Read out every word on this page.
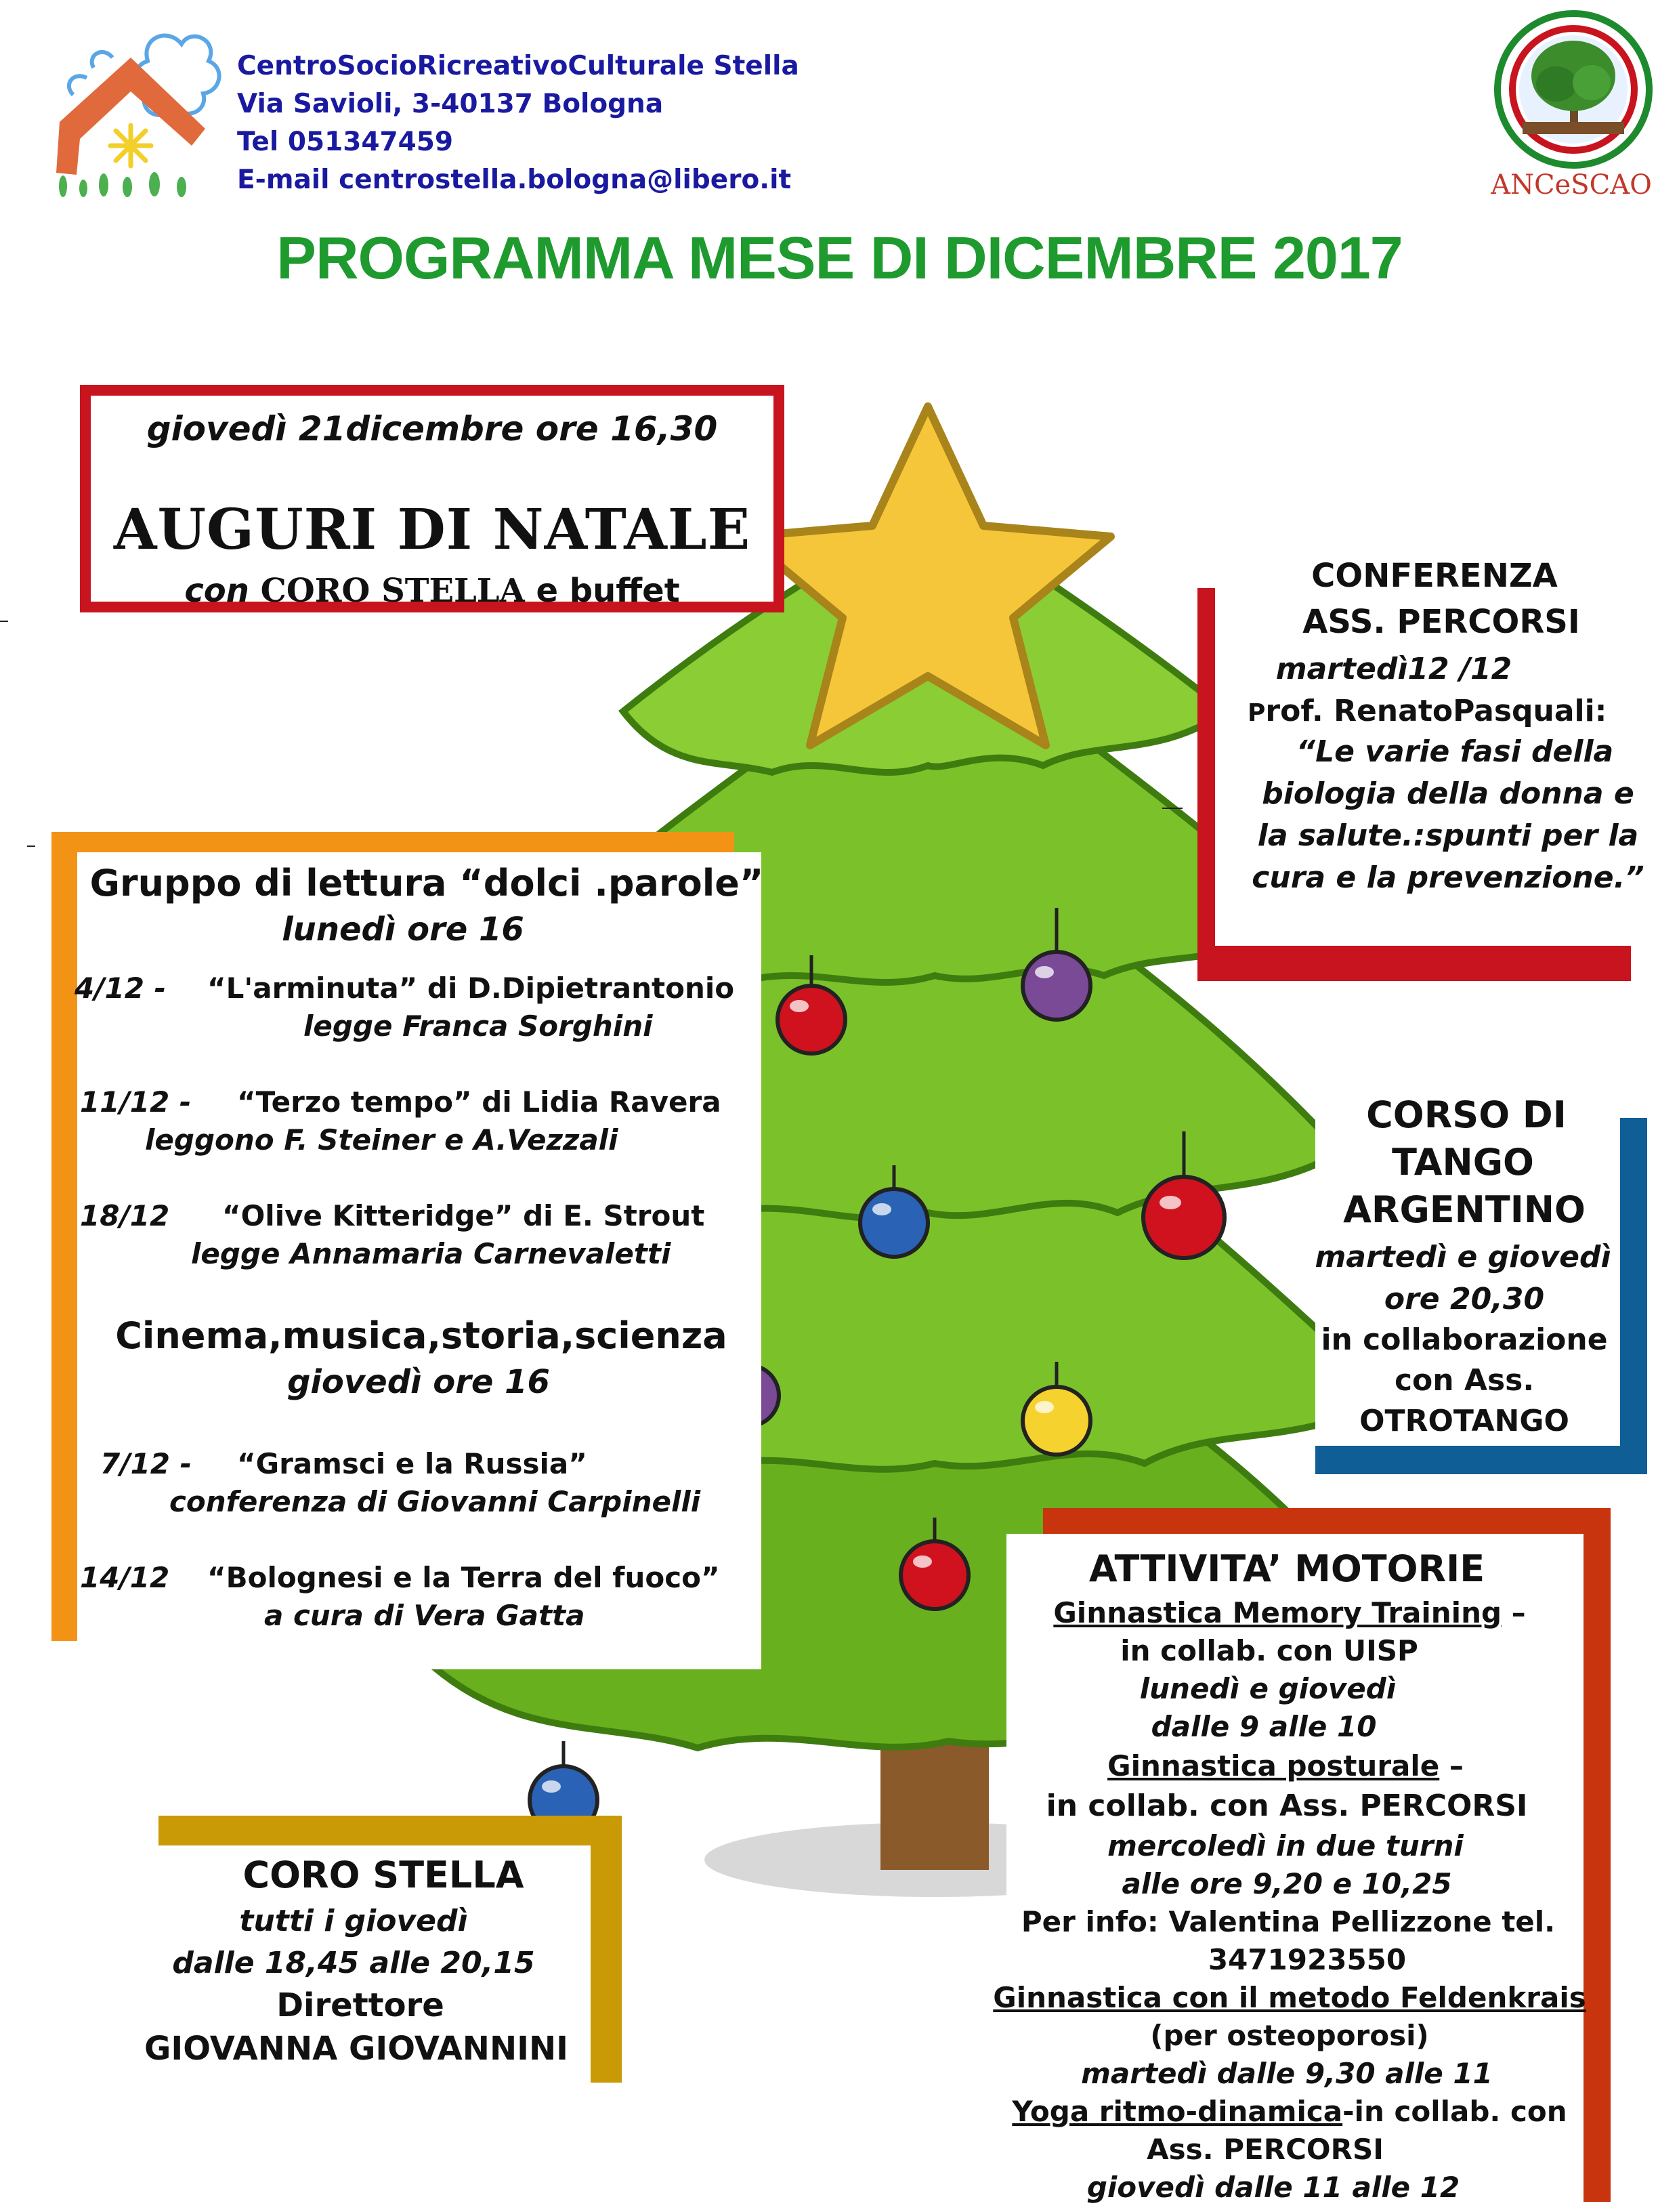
CentroSocioRicreativoCulturale Stella
Via Savioli, 3-40137 Bologna
Tel 051347459
E-mail centrostella.bologna@libero.it	ANCeSCAO
PROGRAMMA MESE DI DICEMBRE 2017
giovedì 21dicembre ore 16,30
AUGURI DI NATALE
con CORO STELLA e buffet	CONFERENZA
ASS. PERCORSI
martedì12 /12
Prof. RenatoPasquali:
“Le varie fasi della
biologia della donna e
la salute.:spunti per la
cura e la prevenzione.”
Gruppo di lettura “dolci .parole”
lunedì ore 16
4/12 - “L'arminuta” di D.Dipietrantonio
legge Franca Sorghini
11/12 - “Terzo tempo” di Lidia Ravera
leggono F. Steiner e A.Vezzali
18/12 “Olive Kitteridge” di E. Strout
legge Annamaria Carnevaletti
Cinema,musica,storia,scienza
giovedì ore 16
7/12 - “Gramsci e la Russia”
conferenza di Giovanni Carpinelli
14/12 “Bolognesi e la Terra del fuoco”
a cura di Vera Gatta
CORSO DI
TANGO
ARGENTINO
martedì e giovedì
ore 20,30
in collaborazione
con Ass.
OTROTANGO
CORO STELLA
tutti i giovedì
dalle 18,45 alle 20,15
Direttore
GIOVANNA GIOVANNINI
ATTIVITA’ MOTORIE
Ginnastica Memory Training –
in collab. con UISP
lunedì e giovedì
dalle 9 alle 10
Ginnastica posturale –
in collab. con Ass. PERCORSI
mercoledì in due turni
alle ore 9,20 e 10,25
Per info: Valentina Pellizzone tel.
3471923550
Ginnastica con il metodo Feldenkrais
(per osteoporosi)
martedì dalle 9,30 alle 11
Yoga ritmo-dinamica-in collab. con
Ass. PERCORSI
giovedì dalle 11 alle 12
